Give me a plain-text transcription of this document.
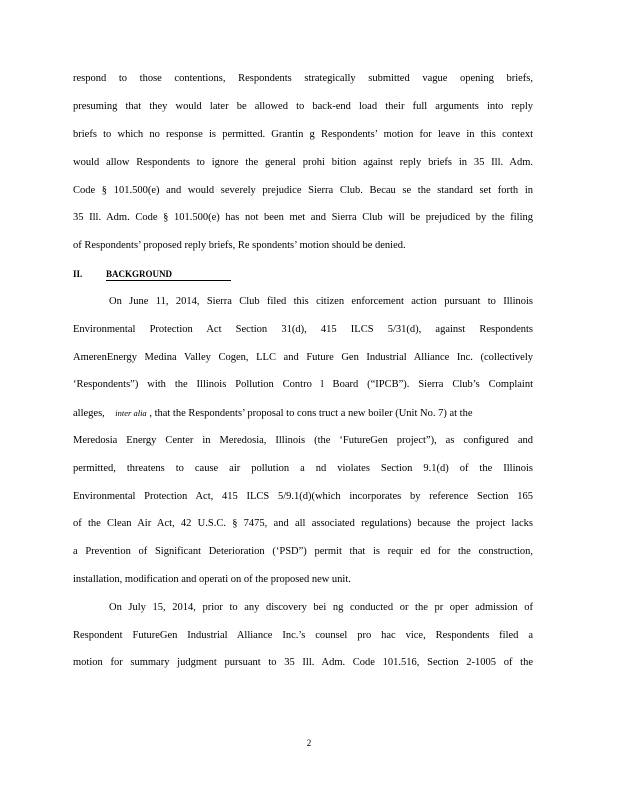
respond to those contentions, Respondents strategically submitted vague opening briefs,
presuming that they would later be allowed to back-end load their full arguments into reply
briefs to which no response is permitted. Grantin g Respondents’ motion for leave in this context
would allow Respondents to ignore the general prohi bition against reply briefs in 35 Ill. Adm.
Code § 101.500(e) and would severely prejudice Sierra Club. Becau se the standard set forth in
35 Ill. Adm. Code § 101.500(e) has not been met and Sierra Club will be prejudiced by the filing
of Respondents’ proposed reply briefs, Re spondents’ motion should be denied.
II.	BACKGROUND
On June 11, 2014, Sierra Club filed this citizen enforcement action pursuant to Illinois
Environmental Protection Act Section 31(d), 415 ILCS 5/31(d), against Respondents
AmerenEnergy Medina Valley Cogen, LLC and Future Gen Industrial Alliance Inc. (collectively
‘Respondents”) with the Illinois Pollution Contro l Board (“IPCB”). Sierra Club’s Complaint
alleges, inter alia , that the Respondents’ proposal to cons truct a new boiler (Unit No. 7) at the
Meredosia Energy Center in Meredosia, Illinois (the ‘FutureGen project”), as configured and
permitted, threatens to cause air pollution a nd violates Section 9.1(d) of the Illinois
Environmental Protection Act, 415 ILCS 5/9.1(d)(which incorporates by reference Section 165
of the Clean Air Act, 42 U.S.C. § 7475, and all associated regulations) because the project lacks
a Prevention of Significant Deterioration (‘PSD”) permit that is requir ed for the construction,
installation, modification and operati on of the proposed new unit.
On July 15, 2014, prior to any discovery bei ng conducted or the pr oper admission of
Respondent FutureGen Industrial Alliance Inc.’s counsel pro hac vice, Respondents filed a
motion for summary judgment pursuant to 35 Ill. Adm. Code 101.516, Section 2-1005 of the
2
